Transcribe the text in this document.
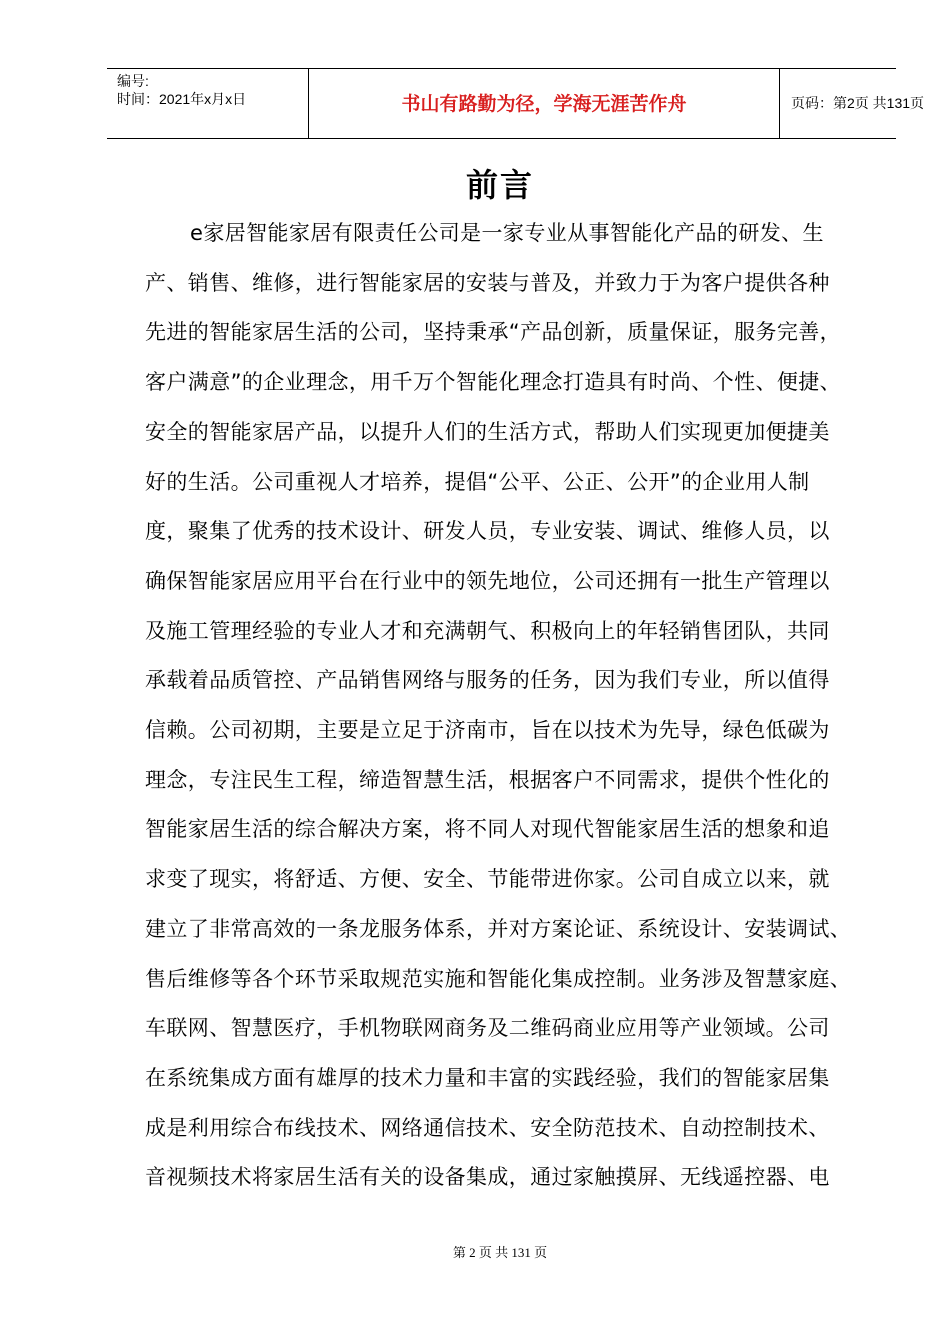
编号:
时间：2021年x月x日	书山有路勤为径，学海无涯苦作舟	页码：第2页 共131页
前言
e家居智能家居有限责任公司是一家专业从事智能化产品的研发、生
产、销售、维修，进行智能家居的安装与普及，并致力于为客户提供各种
先进的智能家居生活的公司，坚持秉承“产品创新，质量保证，服务完善，
客户满意”的企业理念，用千万个智能化理念打造具有时尚、个性、便捷、
安全的智能家居产品，以提升人们的生活方式，帮助人们实现更加便捷美
好的生活。公司重视人才培养，提倡“公平、公正、公开”的企业用人制
度，聚集了优秀的技术设计、研发人员，专业安装、调试、维修人员，以
确保智能家居应用平台在行业中的领先地位，公司还拥有一批生产管理以
及施工管理经验的专业人才和充满朝气、积极向上的年轻销售团队，共同
承载着品质管控、产品销售网络与服务的任务，因为我们专业，所以值得
信赖。公司初期，主要是立足于济南市，旨在以技术为先导，绿色低碳为
理念，专注民生工程，缔造智慧生活，根据客户不同需求，提供个性化的
智能家居生活的综合解决方案，将不同人对现代智能家居生活的想象和追
求变了现实，将舒适、方便、安全、节能带进你家。公司自成立以来，就
建立了非常高效的一条龙服务体系，并对方案论证、系统设计、安装调试、
售后维修等各个环节采取规范实施和智能化集成控制。业务涉及智慧家庭、
车联网、智慧医疗，手机物联网商务及二维码商业应用等产业领域。公司
在系统集成方面有雄厚的技术力量和丰富的实践经验，我们的智能家居集
成是利用综合布线技术、网络通信技术、安全防范技术、自动控制技术、
音视频技术将家居生活有关的设备集成，通过家触摸屏、无线遥控器、电
第 2 页 共 131 页
